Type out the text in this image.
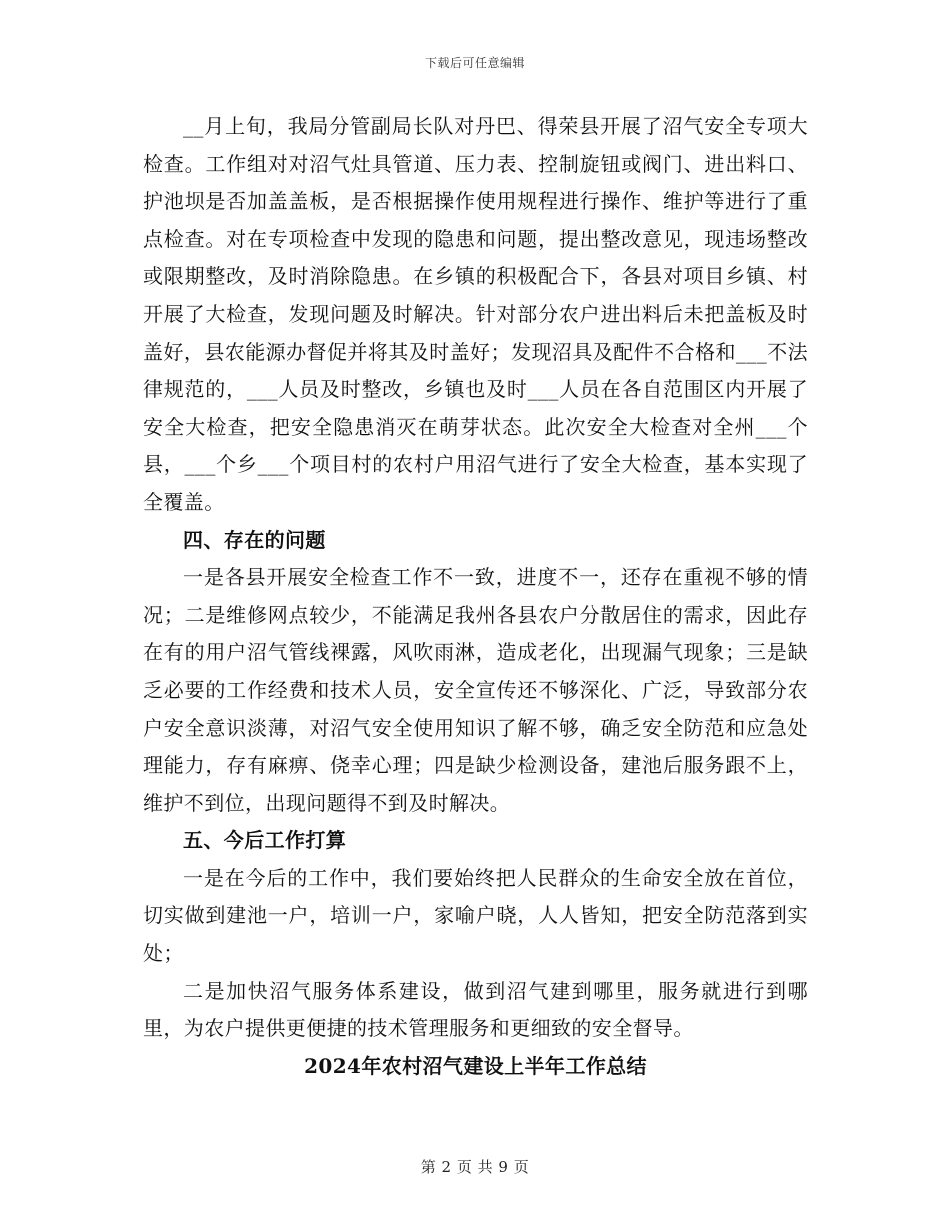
下载后可任意编辑

__月上旬，我局分管副局长队对丹巴、得荣县开展了沼气安全专项大检查。工作组对对沼气灶具管道、压力表、控制旋钮或阀门、进出料口、护池坝是否加盖盖板，是否根据操作使用规程进行操作、维护等进行了重点检查。对在专项检查中发现的隐患和问题，提出整改意见，现违场整改或限期整改，及时消除隐患。在乡镇的积极配合下，各县对项目乡镇、村开展了大检查，发现问题及时解决。针对部分农户进出料后未把盖板及时盖好，县农能源办督促并将其及时盖好；发现沼具及配件不合格和___不法律规范的，___人员及时整改，乡镇也及时___人员在各自范围区内开展了安全大检查，把安全隐患消灭在萌芽状态。此次安全大检查对全州___个县，___个乡___个项目村的农村户用沼气进行了安全大检查，基本实现了全覆盖。

四、存在的问题

一是各县开展安全检查工作不一致，进度不一，还存在重视不够的情况；二是维修网点较少，不能满足我州各县农户分散居住的需求，因此存在有的用户沼气管线裸露，风吹雨淋，造成老化，出现漏气现象；三是缺乏必要的工作经费和技术人员，安全宣传还不够深化、广泛，导致部分农户安全意识淡薄，对沼气安全使用知识了解不够，确乏安全防范和应急处理能力，存有麻痹、侥幸心理；四是缺少检测设备，建池后服务跟不上，维护不到位，出现问题得不到及时解决。

五、今后工作打算

一是在今后的工作中，我们要始终把人民群众的生命安全放在首位，切实做到建池一户，培训一户，家喻户晓，人人皆知，把安全防范落到实处；

二是加快沼气服务体系建设，做到沼气建到哪里，服务就进行到哪里，为农户提供更便捷的技术管理服务和更细致的安全督导。

2024年农村沼气建设上半年工作总结

第 2 页 共 9 页
